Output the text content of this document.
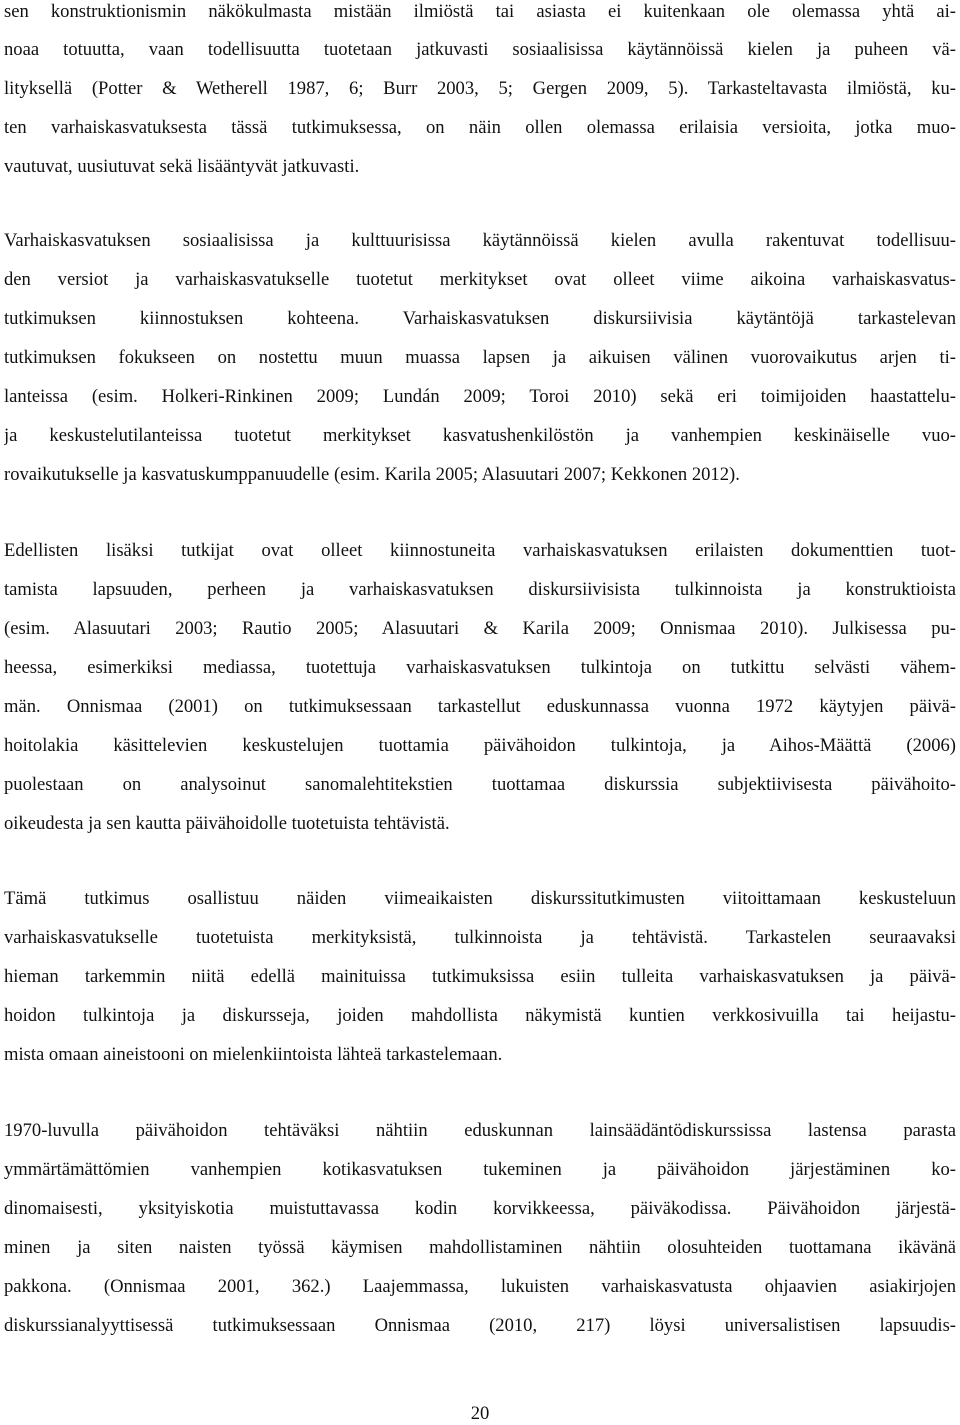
sen konstruktionismin näkökulmasta mistään ilmiöstä tai asiasta ei kuitenkaan ole olemassa yhtä ai-
noaa totuutta, vaan todellisuutta tuotetaan jatkuvasti sosiaalisissa käytännöissä kielen ja puheen vä-
lityksellä (Potter & Wetherell 1987, 6; Burr 2003, 5; Gergen 2009, 5). Tarkasteltavasta ilmiöstä, ku-
ten varhaiskasvatuksesta tässä tutkimuksessa, on näin ollen olemassa erilaisia versioita, jotka muo-
vautuvat, uusiutuvat sekä lisääntyvät jatkuvasti.
Varhaiskasvatuksen sosiaalisissa ja kulttuurisissa käytännöissä kielen avulla rakentuvat todellisuu-
den versiot ja varhaiskasvatukselle tuotetut merkitykset ovat olleet viime aikoina varhaiskasvatus-
tutkimuksen kiinnostuksen kohteena. Varhaiskasvatuksen diskursiivisia käytäntöjä tarkastelevan
tutkimuksen fokukseen on nostettu muun muassa lapsen ja aikuisen välinen vuorovaikutus arjen ti-
lanteissa (esim. Holkeri-Rinkinen 2009; Lundán 2009; Toroi 2010) sekä eri toimijoiden haastattelu-
ja keskustelutilanteissa tuotetut merkitykset kasvatushenkilöstön ja vanhempien keskinäiselle vuo-
rovaikutukselle ja kasvatuskumppanuudelle (esim. Karila 2005; Alasuutari 2007; Kekkonen 2012).
Edellisten lisäksi tutkijat ovat olleet kiinnostuneita varhaiskasvatuksen erilaisten dokumenttien tuot-
tamista lapsuuden, perheen ja varhaiskasvatuksen diskursiivisista tulkinnoista ja konstruktioista
(esim. Alasuutari 2003; Rautio 2005; Alasuutari & Karila 2009; Onnismaa 2010). Julkisessa pu-
heessa, esimerkiksi mediassa, tuotettuja varhaiskasvatuksen tulkintoja on tutkittu selvästi vähem-
män. Onnismaa (2001) on tutkimuksessaan tarkastellut eduskunnassa vuonna 1972 käytyjen päivä-
hoitolakia käsittelevien keskustelujen tuottamia päivähoidon tulkintoja, ja Aihos-Määttä (2006)
puolestaan on analysoinut sanomalehtitekstien tuottamaa diskurssia subjektiivisesta päivähoito-
oikeudesta ja sen kautta päivähoidolle tuotetuista tehtävistä.
Tämä tutkimus osallistuu näiden viimeaikaisten diskurssitutkimusten viitoittamaan keskusteluun
varhaiskasvatukselle tuotetuista merkityksistä, tulkinnoista ja tehtävistä. Tarkastelen seuraavaksi
hieman tarkemmin niitä edellä mainituissa tutkimuksissa esiin tulleita varhaiskasvatuksen ja päivä-
hoidon tulkintoja ja diskursseja, joiden mahdollista näkymistä kuntien verkkosivuilla tai heijastu-
mista omaan aineistooni on mielenkiintoista lähteä tarkastelemaan.
1970-luvulla päivähoidon tehtäväksi nähtiin eduskunnan lainsäädäntödiskurssissa lastensa parasta
ymmärtämättömien vanhempien kotikasvatuksen tukeminen ja päivähoidon järjestäminen ko-
dinomaisesti, yksityiskotia muistuttavassa kodin korvikkeessa, päiväkodissa. Päivähoidon järjestä-
minen ja siten naisten työssä käymisen mahdollistaminen nähtiin olosuhteiden tuottamana ikävänä
pakkona. (Onnismaa 2001, 362.) Laajemmassa, lukuisten varhaiskasvatusta ohjaavien asiakirjojen
diskurssianalyyttisessä tutkimuksessaan Onnismaa (2010, 217) löysi universalistisen lapsuudis-
20
